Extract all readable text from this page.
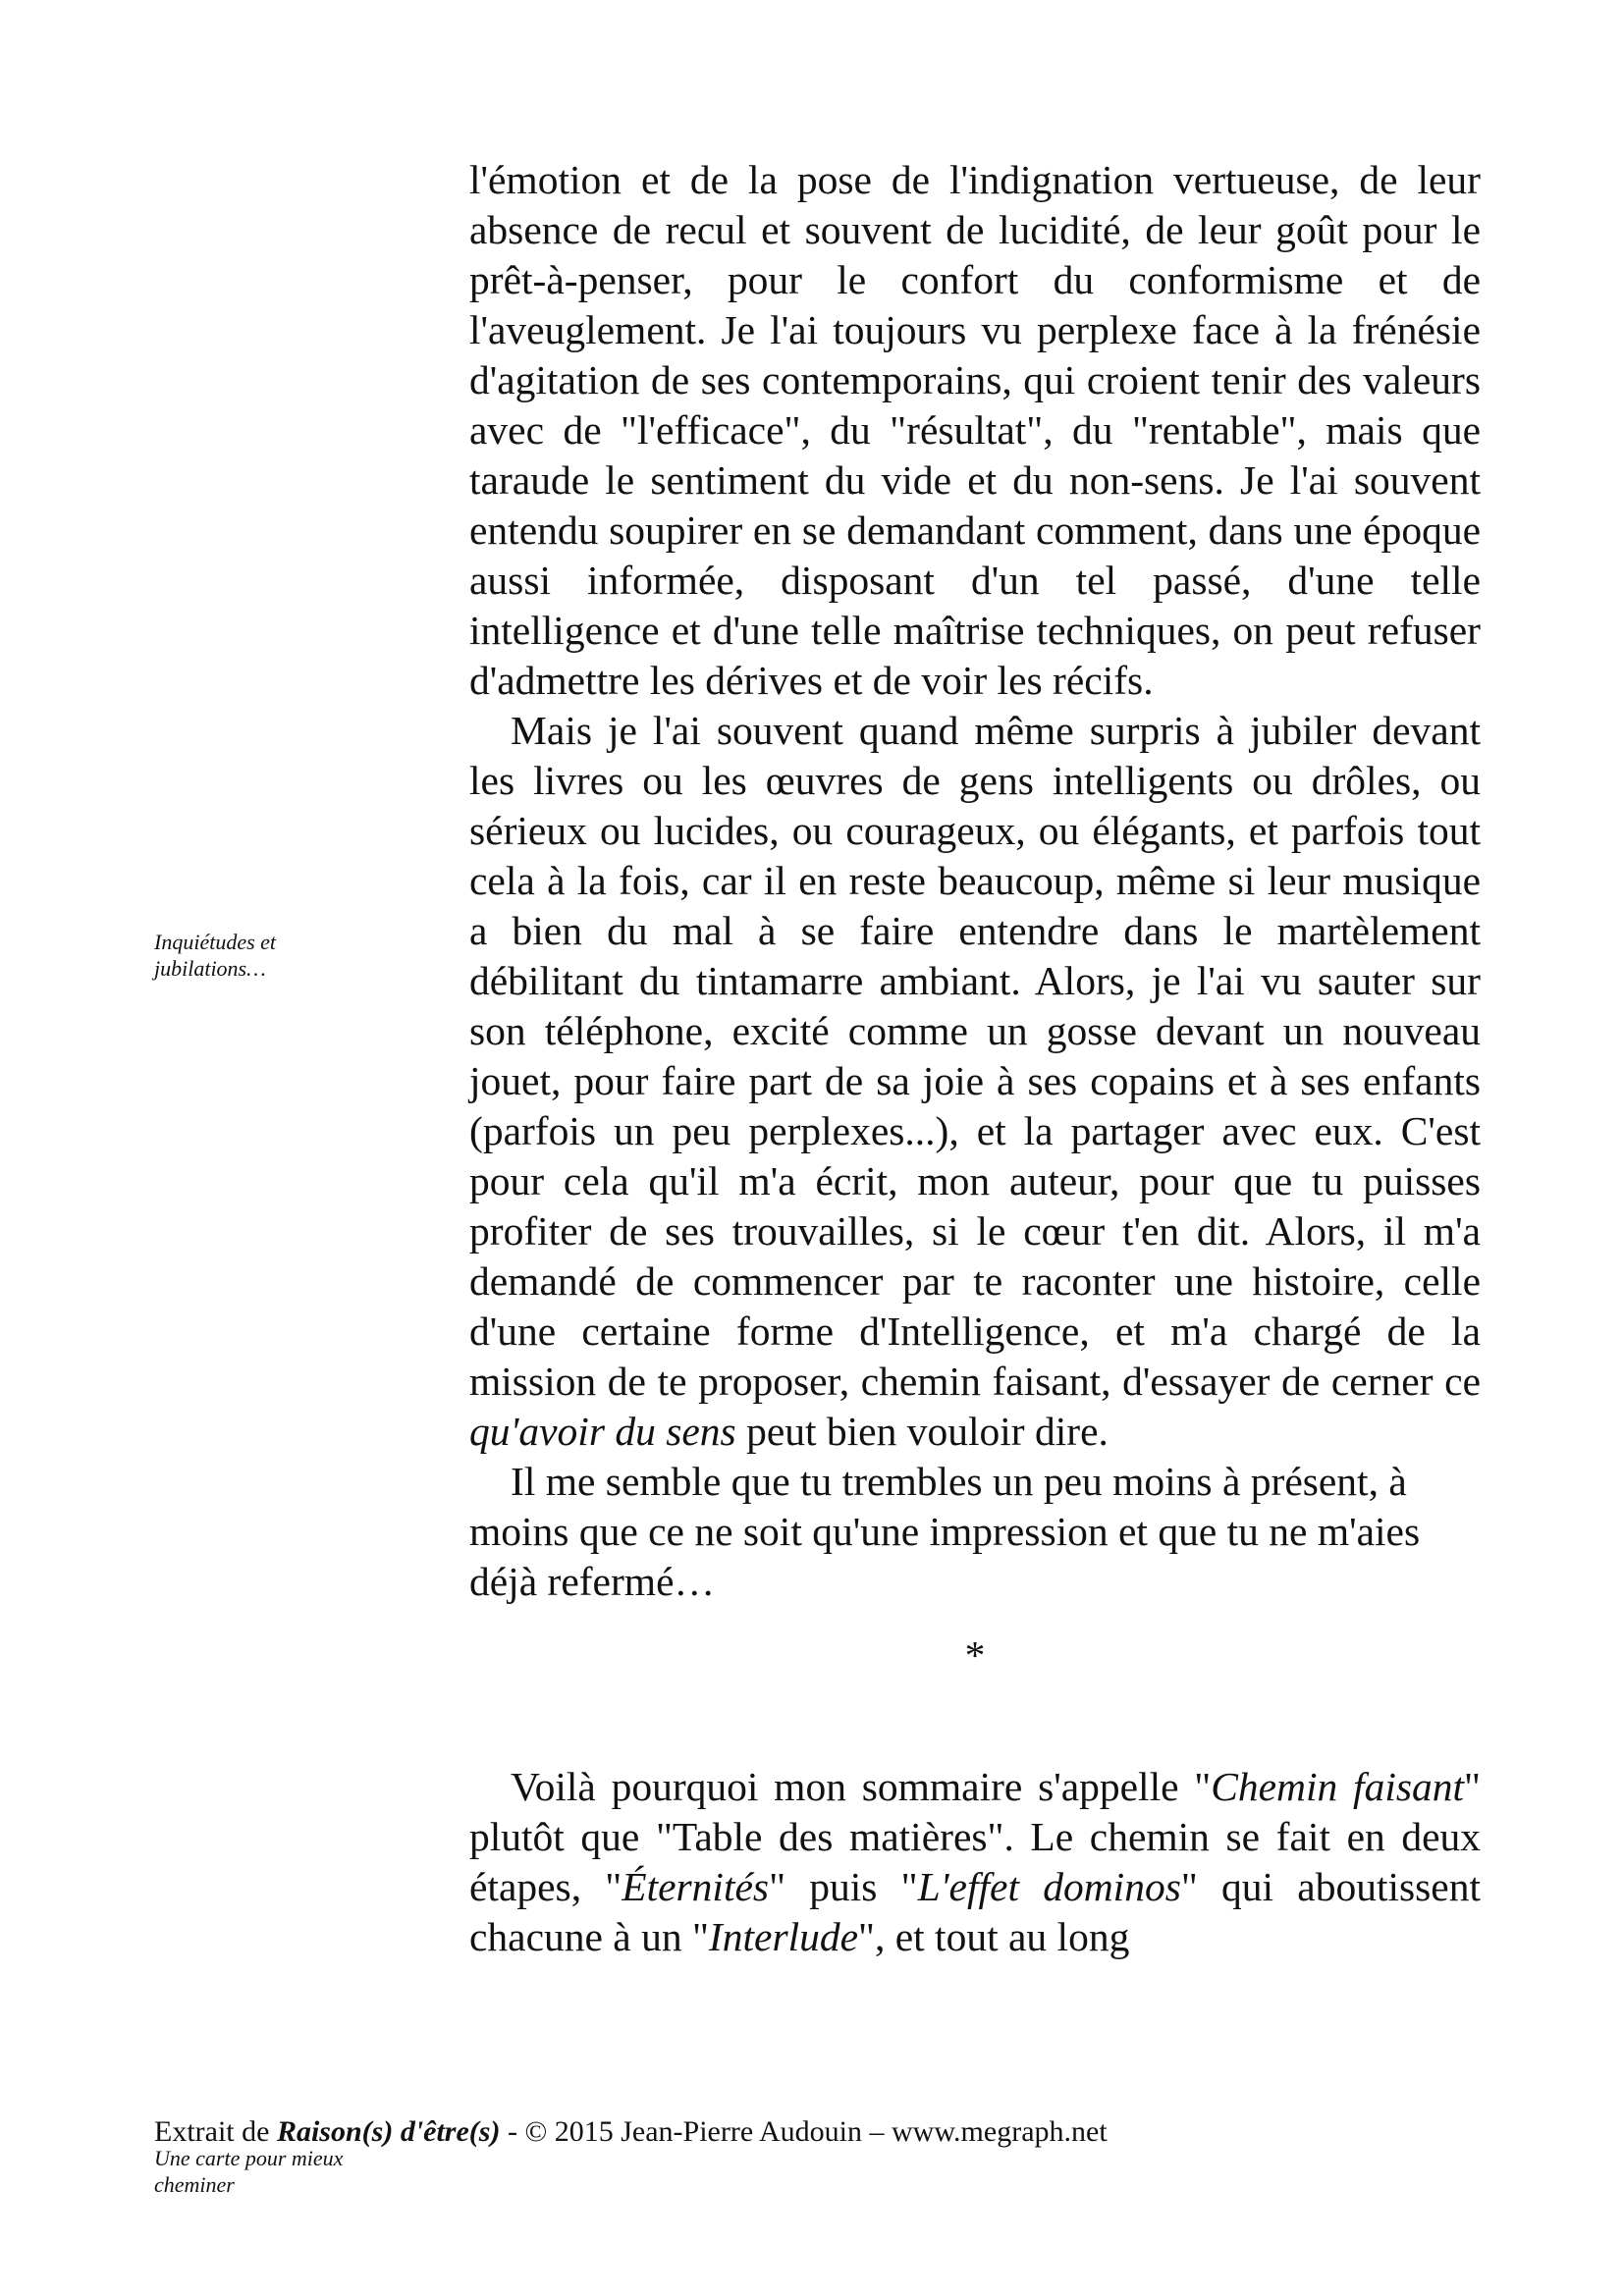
l'émotion et de la pose de l'indignation vertueuse, de leur absence de recul et souvent de lucidité, de leur goût pour le prêt-à-penser, pour le confort du conformisme et de l'aveuglement. Je l'ai toujours vu perplexe face à la frénésie d'agitation de ses contemporains, qui croient tenir des valeurs avec de "l'efficace", du "résultat", du "rentable", mais que taraude le sentiment du vide et du non-sens. Je l'ai souvent entendu soupirer en se demandant comment, dans une époque aussi informée, disposant d'un tel passé, d'une telle intelligence et d'une telle maîtrise techniques, on peut refuser d'admettre les dérives et de voir les récifs.

Mais je l'ai souvent quand même surpris à jubiler devant les livres ou les œuvres de gens intelligents ou drôles, ou sérieux ou lucides, ou courageux, ou élégants, et parfois tout cela à la fois, car il en reste beaucoup, même si leur musique a bien du mal à se faire entendre dans le martèlement débilitant du tintamarre ambiant. Alors, je l'ai vu sauter sur son téléphone, excité comme un gosse devant un nouveau jouet, pour faire part de sa joie à ses copains et à ses enfants (parfois un peu perplexes...), et la partager avec eux. C'est pour cela qu'il m'a écrit, mon auteur, pour que tu puisses profiter de ses trouvailles, si le cœur t'en dit. Alors, il m'a demandé de commencer par te raconter une histoire, celle d'une certaine forme d'Intelligence, et m'a chargé de la mission de te proposer, chemin faisant, d'essayer de cerner ce qu'avoir du sens peut bien vouloir dire.

Il me semble que tu trembles un peu moins à présent, à moins que ce ne soit qu'une impression et que tu ne m'aies déjà refermé…

*

Voilà pourquoi mon sommaire s'appelle "Chemin faisant" plutôt que "Table des matières". Le chemin se fait en deux étapes, "Éternités" puis "L'effet dominos" qui aboutissent chacune à un "Interlude", et tout au long

Inquiétudes et jubilations…
Extrait de Raison(s) d'être(s) - © 2015 Jean-Pierre Audouin – www.megraph.net
Une carte pour mieux cheminer
